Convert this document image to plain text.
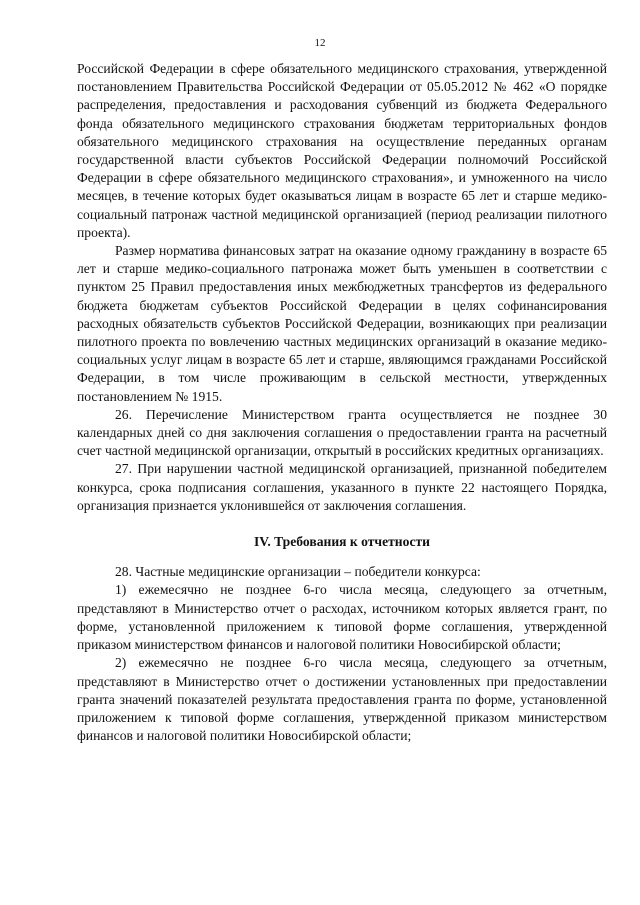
12

Российской Федерации в сфере обязательного медицинского страхования, утвержденной постановлением Правительства Российской Федерации от 05.05.2012 № 462 «О порядке распределения, предоставления и расходования субвенций из бюджета Федерального фонда обязательного медицинского страхования бюджетам территориальных фондов обязательного медицинского страхования на осуществление переданных органам государственной власти субъектов Российской Федерации полномочий Российской Федерации в сфере обязательного медицинского страхования», и умноженного на число месяцев, в течение которых будет оказываться лицам в возрасте 65 лет и старше медико-социальный патронаж частной медицинской организацией (период реализации пилотного проекта).

Размер норматива финансовых затрат на оказание одному гражданину в возрасте 65 лет и старше медико-социального патронажа может быть уменьшен в соответствии с пунктом 25 Правил предоставления иных межбюджетных трансфертов из федерального бюджета бюджетам субъектов Российской Федерации в целях софинансирования расходных обязательств субъектов Российской Федерации, возникающих при реализации пилотного проекта по вовлечению частных медицинских организаций в оказание медико-социальных услуг лицам в возрасте 65 лет и старше, являющимся гражданами Российской Федерации, в том числе проживающим в сельской местности, утвержденных постановлением № 1915.

26. Перечисление Министерством гранта осуществляется не позднее 30 календарных дней со дня заключения соглашения о предоставлении гранта на расчетный счет частной медицинской организации, открытый в российских кредитных организациях.

27. При нарушении частной медицинской организацией, признанной победителем конкурса, срока подписания соглашения, указанного в пункте 22 настоящего Порядка, организация признается уклонившейся от заключения соглашения.

IV. Требования к отчетности

28. Частные медицинские организации – победители конкурса:

1) ежемесячно не позднее 6-го числа месяца, следующего за отчетным, представляют в Министерство отчет о расходах, источником которых является грант, по форме, установленной приложением к типовой форме соглашения, утвержденной приказом министерством финансов и налоговой политики Новосибирской области;

2) ежемесячно не позднее 6-го числа месяца, следующего за отчетным, представляют в Министерство отчет о достижении установленных при предоставлении гранта значений показателей результата предоставления гранта по форме, установленной приложением к типовой форме соглашения, утвержденной приказом министерством финансов и налоговой политики Новосибирской области;
